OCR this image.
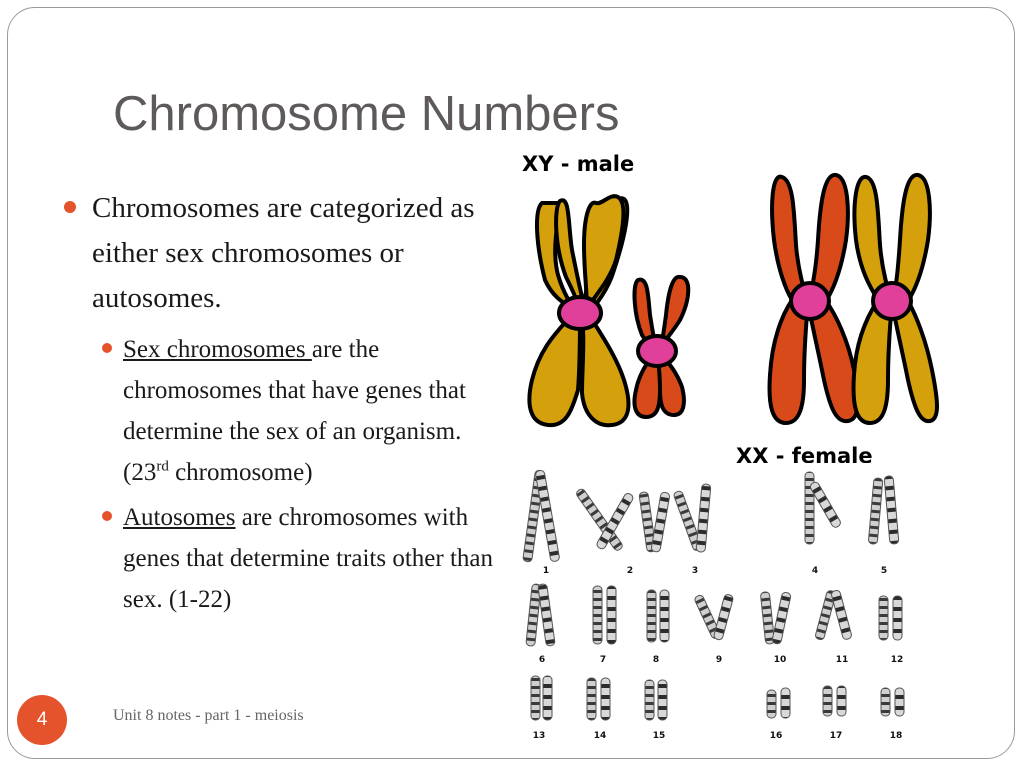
Chromosome Numbers
Chromosomes are categorized as either sex chromosomes or autosomes.
Sex chromosomes are the chromosomes that have genes that determine the sex of an organism. (23rd chromosome)
Autosomes are chromosomes with genes that determine traits other than sex. (1-22)
XY - male
XX - female
1	2	3	4	5
6	7	8	9	10	11	12
13	14	15	16	17	18
4	Unit 8 notes - part 1 - meiosis
